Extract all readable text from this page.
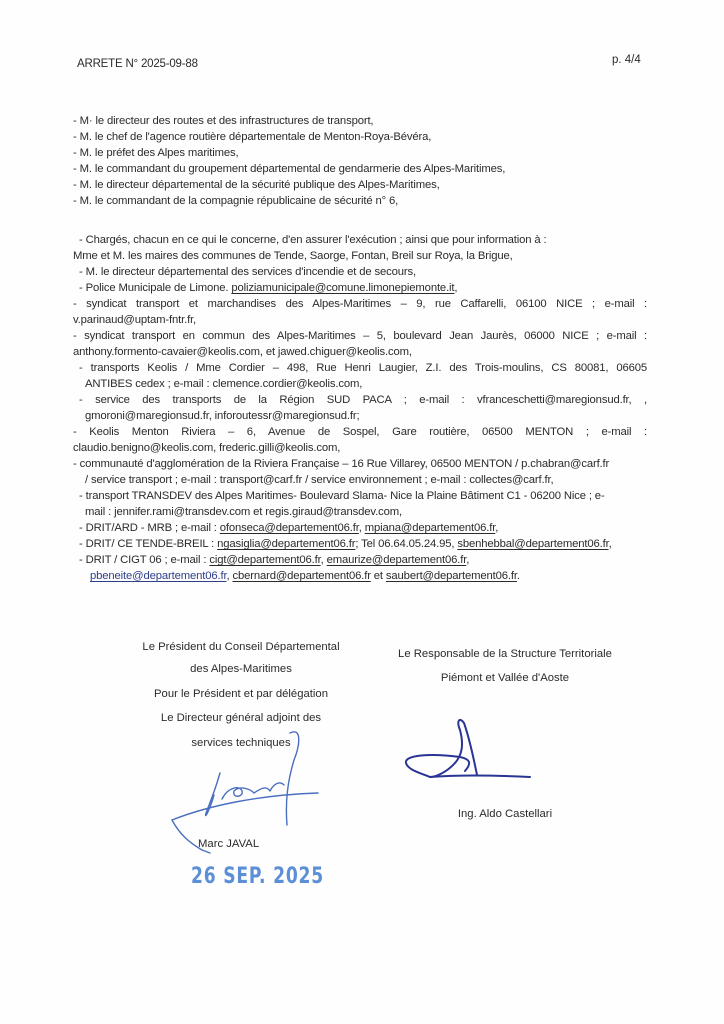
ARRETE N° 2025-09-88	p. 4/4
- M· le directeur des routes et des infrastructures de transport,
- M. le chef de l'agence routière départementale de Menton-Roya-Bévéra,
- M. le préfet des Alpes maritimes,
- M. le commandant du groupement départemental de gendarmerie des Alpes-Maritimes,
- M. le directeur départemental de la sécurité publique des Alpes-Maritimes,
- M. le commandant de la compagnie républicaine de sécurité n° 6,
- Chargés, chacun en ce qui le concerne, d'en assurer l'exécution ; ainsi que pour information à :
Mme et M. les maires des communes de Tende, Saorge, Fontan, Breil sur Roya, la Brigue,
- M. le directeur départemental des services d'incendie et de secours,
- Police Municipale de Limone. poliziamunicipale@comune.limonepiemonte.it,
- syndicat transport et marchandises des Alpes-Maritimes – 9, rue Caffarelli, 06100 NICE ; e-mail :
v.parinaud@uptam-fntr.fr,
- syndicat transport en commun des Alpes-Maritimes – 5, boulevard Jean Jaurès, 06000 NICE ; e-mail :
anthony.formento-cavaier@keolis.com, et jawed.chiguer@keolis.com,
- transports Keolis / Mme Cordier – 498, Rue Henri Laugier, Z.I. des Trois-moulins, CS 80081, 06605
ANTIBES cedex ; e-mail : clemence.cordier@keolis.com,
- service des transports de la Région SUD PACA ; e-mail : vfranceschetti@maregionsud.fr, ,
gmoroni@maregionsud.fr, inforoutessr@maregionsud.fr;
- Keolis Menton Riviera – 6, Avenue de Sospel, Gare routière, 06500 MENTON ; e-mail :
claudio.benigno@keolis.com, frederic.gilli@keolis.com,
- communauté d'agglomération de la Riviera Française – 16 Rue Villarey, 06500 MENTON / p.chabran@carf.fr
/ service transport ; e-mail : transport@carf.fr / service environnement ; e-mail : collectes@carf.fr,
- transport TRANSDEV des Alpes Maritimes- Boulevard Slama- Nice la Plaine Bâtiment C1 - 06200 Nice ; e-
mail : jennifer.rami@transdev.com et regis.giraud@transdev.com,
- DRIT/ARD - MRB ; e-mail : ofonseca@departement06.fr, mpiana@departement06.fr,
- DRIT/ CE TENDE-BREIL : ngasiglia@departement06.fr; Tel 06.64.05.24.95, sbenhebbal@departement06.fr,
- DRIT / CIGT 06 ; e-mail : cigt@departement06.fr, emaurize@departement06.fr,
pbeneite@departement06.fr, cbernard@departement06.fr et saubert@departement06.fr.
Le Président du Conseil Départemental
des Alpes-Maritimes
Pour le Président et par délégation
Le Directeur général adjoint des
services techniques
Marc JAVAL
26 SEP. 2025
Le Responsable de la Structure Territoriale
Piémont et Vallée d'Aoste
Ing. Aldo Castellari
